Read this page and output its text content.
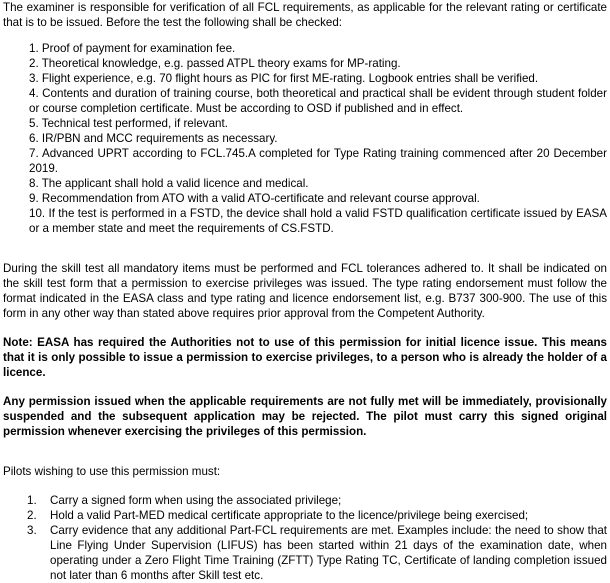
The examiner is responsible for verification of all FCL requirements, as applicable for the relevant rating or certificate that is to be issued. Before the test the following shall be checked:

1. Proof of payment for examination fee.
2. Theoretical knowledge, e.g. passed ATPL theory exams for MP-rating.
3. Flight experience, e.g. 70 flight hours as PIC for first ME-rating. Logbook entries shall be verified.
4. Contents and duration of training course, both theoretical and practical shall be evident through student folder or course completion certificate. Must be according to OSD if published and in effect.
5. Technical test performed, if relevant.
6. IR/PBN and MCC requirements as necessary.
7. Advanced UPRT according to FCL.745.A completed for Type Rating training commenced after 20 December 2019.
8. The applicant shall hold a valid licence and medical.
9. Recommendation from ATO with a valid ATO-certificate and relevant course approval.
10. If the test is performed in a FSTD, the device shall hold a valid FSTD qualification certificate issued by EASA or a member state and meet the requirements of CS.FSTD.

During the skill test all mandatory items must be performed and FCL tolerances adhered to. It shall be indicated on the skill test form that a permission to exercise privileges was issued. The type rating endorsement must follow the format indicated in the EASA class and type rating and licence endorsement list, e.g. B737 300-900. The use of this form in any other way than stated above requires prior approval from the Competent Authority.

Note: EASA has required the Authorities not to use of this permission for initial licence issue. This means that it is only possible to issue a permission to exercise privileges, to a person who is already the holder of a licence.

Any permission issued when the applicable requirements are not fully met will be immediately, provisionally suspended and the subsequent application may be rejected. The pilot must carry this signed original permission whenever exercising the privileges of this permission.

Pilots wishing to use this permission must:

1. Carry a signed form when using the associated privilege;
2. Hold a valid Part-MED medical certificate appropriate to the licence/privilege being exercised;
3. Carry evidence that any additional Part-FCL requirements are met. Examples include: the need to show that Line Flying Under Supervision (LIFUS) has been started within 21 days of the examination date, when operating under a Zero Flight Time Training (ZFTT) Type Rating TC, Certificate of landing completion issued not later than 6 months after Skill test etc.
